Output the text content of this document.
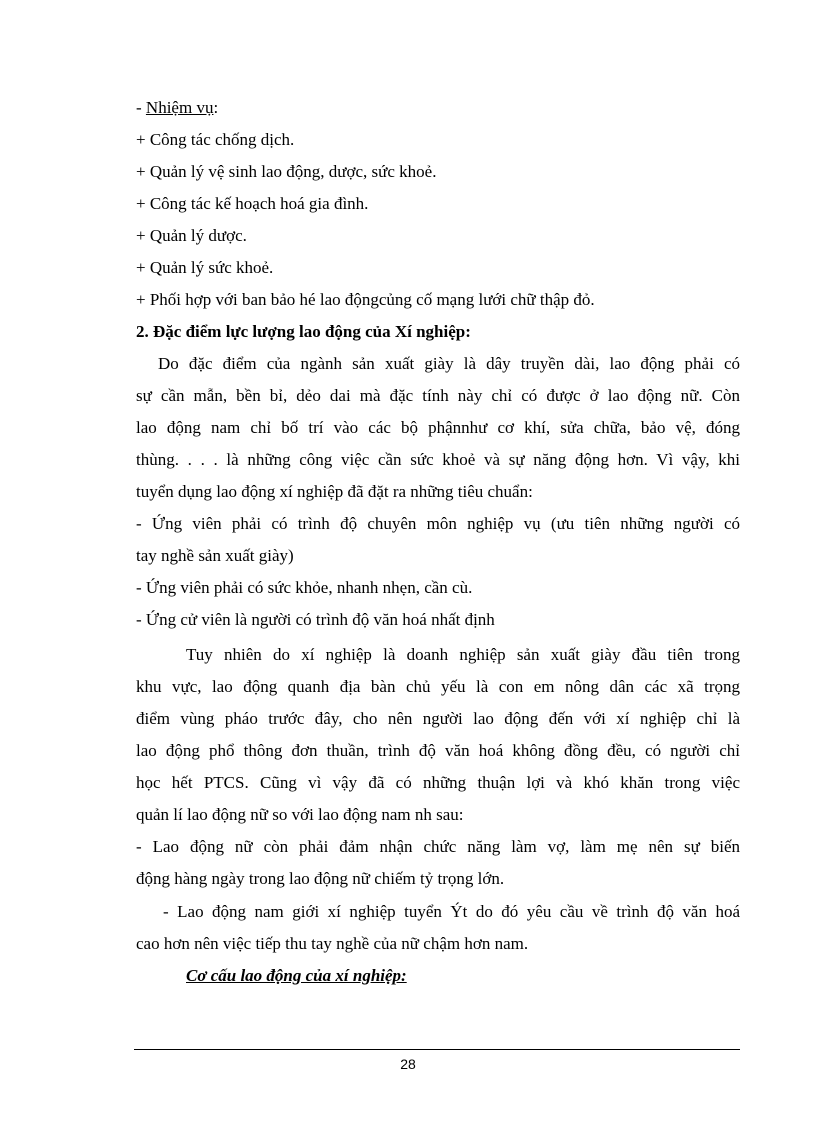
- Nhiệm vụ:
+ Công tác chống dịch.
+ Quản lý vệ sinh lao động, dược, sức khoẻ.
+ Công tác kế hoạch hoá gia đình.
+ Quản lý dược.
+ Quản lý sức khoẻ.
+ Phối hợp với ban bảo hé lao độngcủng cố mạng lưới chữ thập đỏ.
2. Đặc điểm lực lượng lao động của Xí nghiệp:
Do đặc điểm của ngành sản xuất giày là dây truyền dài, lao động phải có
sự cần mẫn, bền bỉ, dẻo dai mà đặc tính này chỉ có được ở lao động nữ. Còn
lao động nam chỉ bố trí vào các bộ phậnnhư cơ khí, sửa chữa, bảo vệ, đóng
thùng. . . . là những công việc cần sức khoẻ và sự năng động hơn. Vì vậy, khi
tuyển dụng lao động xí nghiệp đã đặt ra những tiêu chuẩn:
- Ứng viên phải có trình độ chuyên môn nghiệp vụ (ưu tiên những người có
tay nghề sản xuất giày)
- Ứng viên phải có sức khỏe, nhanh nhẹn, cần cù.
- Ứng cử viên là người có trình độ văn hoá nhất định
Tuy nhiên do xí nghiệp là doanh nghiệp sản xuất giày đầu tiên trong
khu vực, lao động quanh địa bàn chủ yếu là con em nông dân các xã trọng
điểm vùng pháo trước đây, cho nên người lao động đến với xí nghiệp chỉ là
lao động phổ thông đơn thuần, trình độ văn hoá không đồng đều, có người chỉ
học hết PTCS. Cũng vì vậy đã có những thuận lợi và khó khăn trong việc
quản lí lao động nữ so với lao động nam nh sau:
- Lao động nữ còn phải đảm nhận chức năng làm vợ, làm mẹ nên sự biến
động hàng ngày trong lao động nữ chiếm tỷ trọng lớn.
- Lao động nam giới xí nghiệp tuyển Ýt do đó yêu cầu về trình độ văn hoá
cao hơn nên việc tiếp thu tay nghề của nữ chậm hơn nam.
Cơ cấu lao động của xí nghiệp:
28
